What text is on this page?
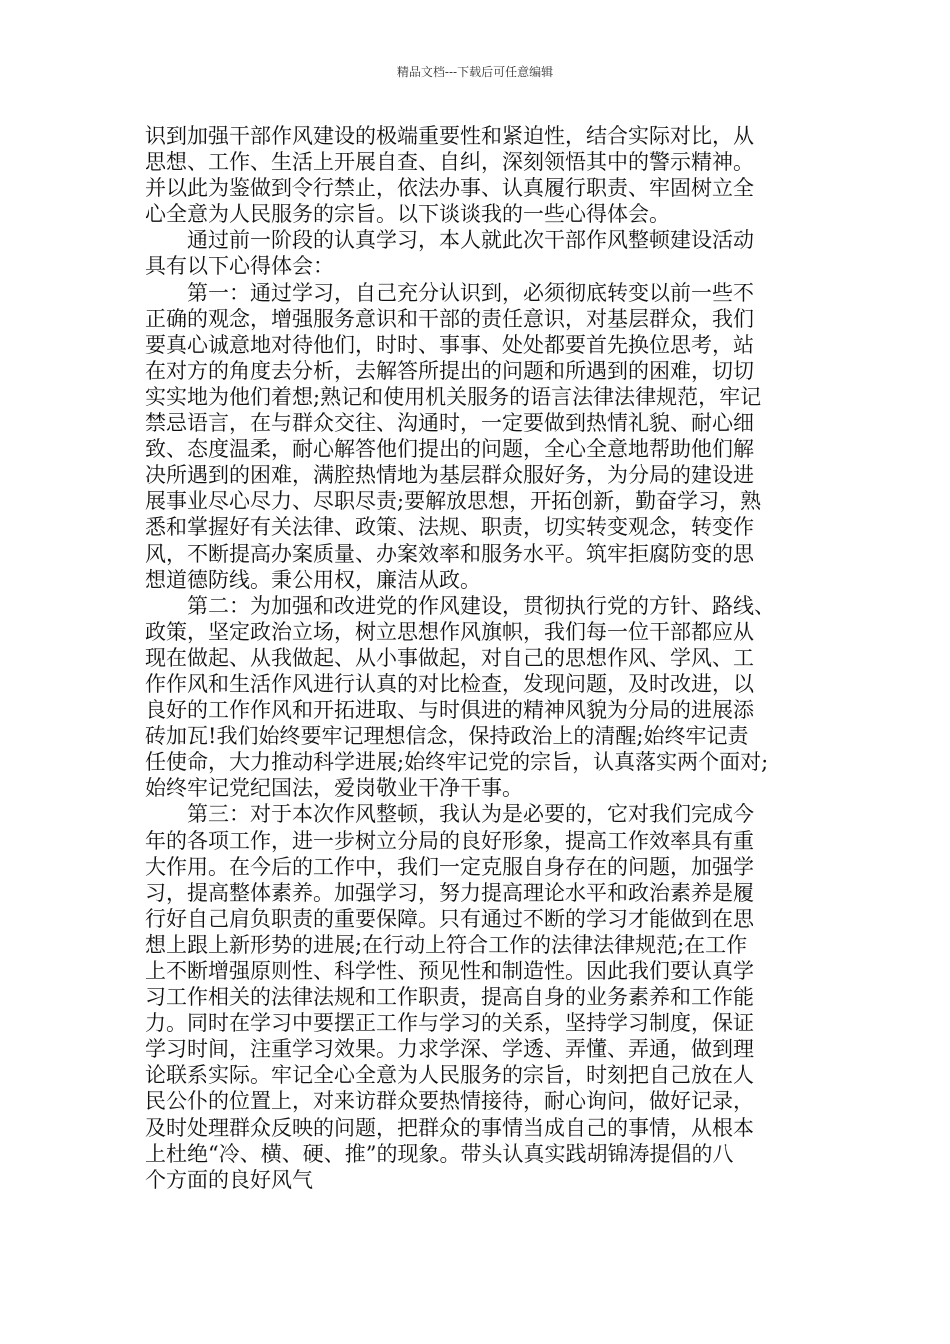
精品文档---下载后可任意编辑
识到加强干部作风建设的极端重要性和紧迫性，结合实际对比，从
思想、工作、生活上开展自查、自纠，深刻领悟其中的警示精神。
并以此为鉴做到令行禁止，依法办事、认真履行职责、牢固树立全
心全意为人民服务的宗旨。以下谈谈我的一些心得体会。
通过前一阶段的认真学习，本人就此次干部作风整顿建设活动
具有以下心得体会：
第一：通过学习，自己充分认识到，必须彻底转变以前一些不
正确的观念，增强服务意识和干部的责任意识，对基层群众，我们
要真心诚意地对待他们，时时、事事、处处都要首先换位思考，站
在对方的角度去分析，去解答所提出的问题和所遇到的困难，切切
实实地为他们着想;熟记和使用机关服务的语言法律法律规范，牢记
禁忌语言，在与群众交往、沟通时，一定要做到热情礼貌、耐心细
致、态度温柔，耐心解答他们提出的问题，全心全意地帮助他们解
决所遇到的困难，满腔热情地为基层群众服好务，为分局的建设进
展事业尽心尽力、尽职尽责;要解放思想，开拓创新，勤奋学习，熟
悉和掌握好有关法律、政策、法规、职责，切实转变观念，转变作
风，不断提高办案质量、办案效率和服务水平。筑牢拒腐防变的思
想道德防线。秉公用权，廉洁从政。
第二：为加强和改进党的作风建设，贯彻执行党的方针、路线、
政策，坚定政治立场，树立思想作风旗帜，我们每一位干部都应从
现在做起、从我做起、从小事做起，对自己的思想作风、学风、工
作作风和生活作风进行认真的对比检查，发现问题，及时改进，以
良好的工作作风和开拓进取、与时俱进的精神风貌为分局的进展添
砖加瓦!我们始终要牢记理想信念，保持政治上的清醒;始终牢记责
任使命，大力推动科学进展;始终牢记党的宗旨，认真落实两个面对;
始终牢记党纪国法，爱岗敬业干净干事。
第三：对于本次作风整顿，我认为是必要的，它对我们完成今
年的各项工作，进一步树立分局的良好形象，提高工作效率具有重
大作用。在今后的工作中，我们一定克服自身存在的问题，加强学
习，提高整体素养。加强学习，努力提高理论水平和政治素养是履
行好自己肩负职责的重要保障。只有通过不断的学习才能做到在思
想上跟上新形势的进展;在行动上符合工作的法律法律规范;在工作
上不断增强原则性、科学性、预见性和制造性。因此我们要认真学
习工作相关的法律法规和工作职责，提高自身的业务素养和工作能
力。同时在学习中要摆正工作与学习的关系，坚持学习制度，保证
学习时间，注重学习效果。力求学深、学透、弄懂、弄通，做到理
论联系实际。牢记全心全意为人民服务的宗旨，时刻把自己放在人
民公仆的位置上，对来访群众要热情接待，耐心询问，做好记录，
及时处理群众反映的问题，把群众的事情当成自己的事情，从根本
上杜绝“冷、横、硬、推”的现象。带头认真实践胡锦涛提倡的八
个方面的良好风气
